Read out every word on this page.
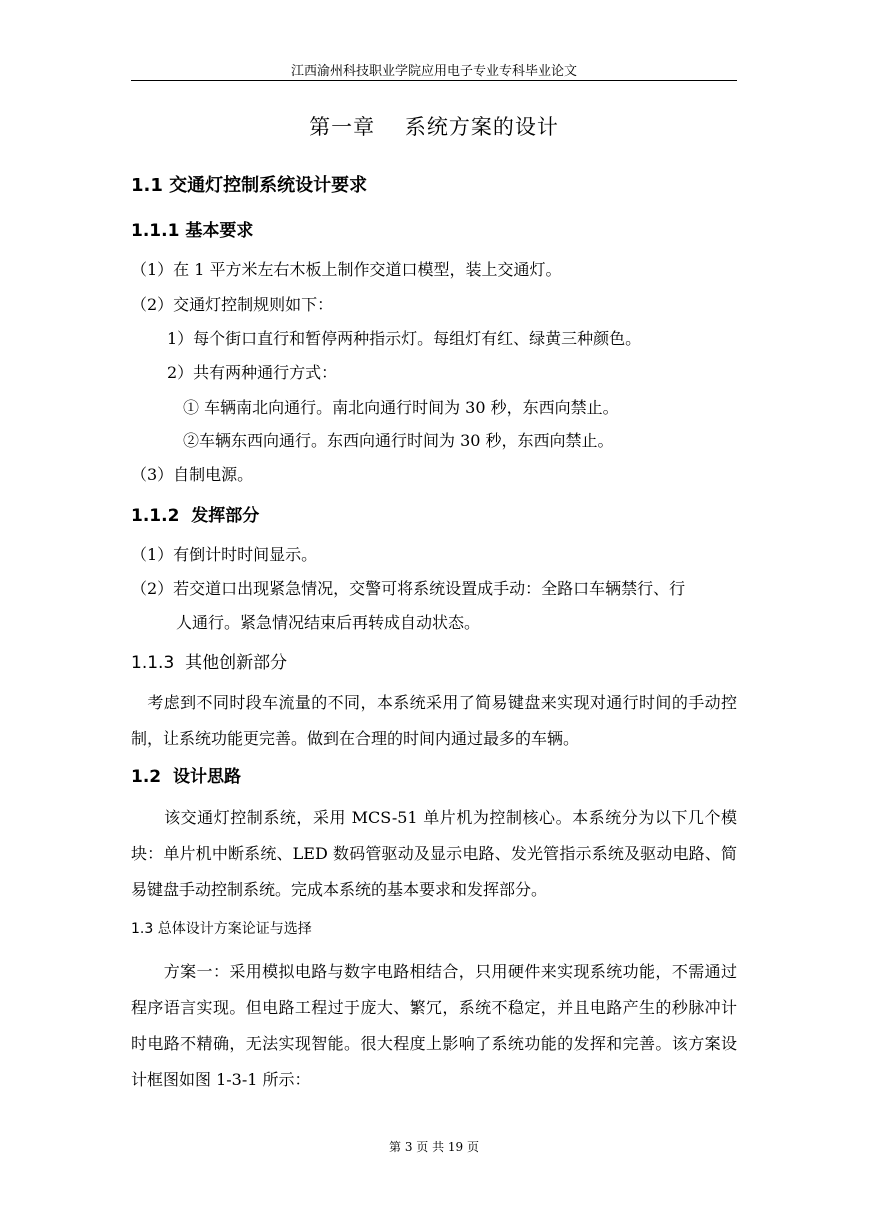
江西渝州科技职业学院应用电子专业专科毕业论文
第一章　 系统方案的设计
1.1 交通灯控制系统设计要求
1.1.1 基本要求
（1）在 1 平方米左右木板上制作交道口模型，装上交通灯。
（2）交通灯控制规则如下：
1）每个街口直行和暂停两种指示灯。每组灯有红、绿黄三种颜色。
2）共有两种通行方式：
① 车辆南北向通行。南北向通行时间为 30 秒，东西向禁止。
②车辆东西向通行。东西向通行时间为 30 秒，东西向禁止。
（3）自制电源。
1.1.2  发挥部分
（1）有倒计时时间显示。
（2）若交道口出现紧急情况，交警可将系统设置成手动：全路口车辆禁行、行
人通行。紧急情况结束后再转成自动状态。
1.1.3  其他创新部分
　考虑到不同时段车流量的不同，本系统采用了简易键盘来实现对通行时间的手动控制，让系统功能更完善。做到在合理的时间内通过最多的车辆。
1.2  设计思路
　　该交通灯控制系统，采用 MCS-51 单片机为控制核心。本系统分为以下几个模块：单片机中断系统、LED 数码管驱动及显示电路、发光管指示系统及驱动电路、简易键盘手动控制系统。完成本系统的基本要求和发挥部分。
1.3 总体设计方案论证与选择
　　方案一：采用模拟电路与数字电路相结合，只用硬件来实现系统功能，不需通过程序语言实现。但电路工程过于庞大、繁冗，系统不稳定，并且电路产生的秒脉冲计时电路不精确，无法实现智能。很大程度上影响了系统功能的发挥和完善。该方案设计框图如图 1-3-1 所示：
第 3 页 共 19 页
